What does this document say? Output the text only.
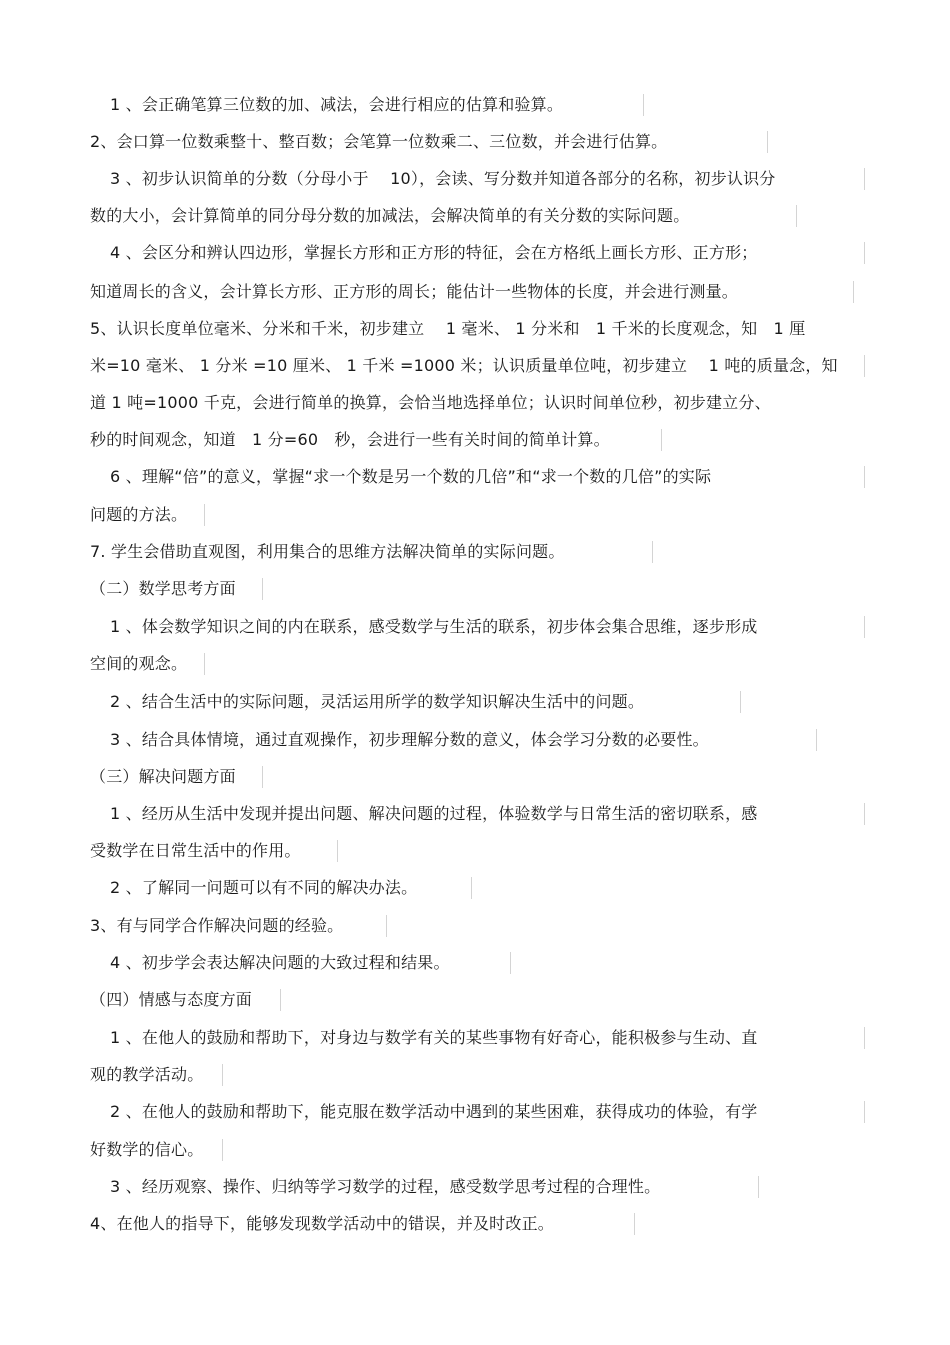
1 、会正确笔算三位数的加、减法，会进行相应的估算和验算。
2、会口算一位数乘整十、整百数；会笔算一位数乘二、三位数，并会进行估算。
3 、初步认识简单的分数（分母小于　 10），会读、写分数并知道各部分的名称，初步认识分
数的大小，会计算简单的同分母分数的加减法，会解决简单的有关分数的实际问题。
4 、会区分和辨认四边形，掌握长方形和正方形的特征，会在方格纸上画长方形、正方形；
知道周长的含义，会计算长方形、正方形的周长；能估计一些物体的长度，并会进行测量。
5、认识长度单位毫米、分米和千米，初步建立　 1 毫米、 1 分米和　1 千米的长度观念，知　1 厘
米=10 毫米、 1 分米 =10 厘米、 1 千米 =1000 米；认识质量单位吨，初步建立　 1 吨的质量念，知
道 1 吨=1000 千克，会进行简单的换算，会恰当地选择单位；认识时间单位秒，初步建立分、
秒的时间观念，知道　1 分=60　秒，会进行一些有关时间的简单计算。
6 、理解“倍”的意义，掌握“求一个数是另一个数的几倍”和“求一个数的几倍”的实际
问题的方法。
7. 学生会借助直观图，利用集合的思维方法解决简单的实际问题。
（二）数学思考方面
1 、体会数学知识之间的内在联系，感受数学与生活的联系，初步体会集合思维，逐步形成
空间的观念。
2 、结合生活中的实际问题，灵活运用所学的数学知识解决生活中的问题。
3 、结合具体情境，通过直观操作，初步理解分数的意义，体会学习分数的必要性。
（三）解决问题方面
1 、经历从生活中发现并提出问题、解决问题的过程，体验数学与日常生活的密切联系，感
受数学在日常生活中的作用。
2 、了解同一问题可以有不同的解决办法。
3、有与同学合作解决问题的经验。
4 、初步学会表达解决问题的大致过程和结果。
（四）情感与态度方面
1 、在他人的鼓励和帮助下，对身边与数学有关的某些事物有好奇心，能积极参与生动、直
观的教学活动。
2 、在他人的鼓励和帮助下，能克服在数学活动中遇到的某些困难，获得成功的体验，有学
好数学的信心。
3 、经历观察、操作、归纳等学习数学的过程，感受数学思考过程的合理性。
4、在他人的指导下，能够发现数学活动中的错误，并及时改正。
